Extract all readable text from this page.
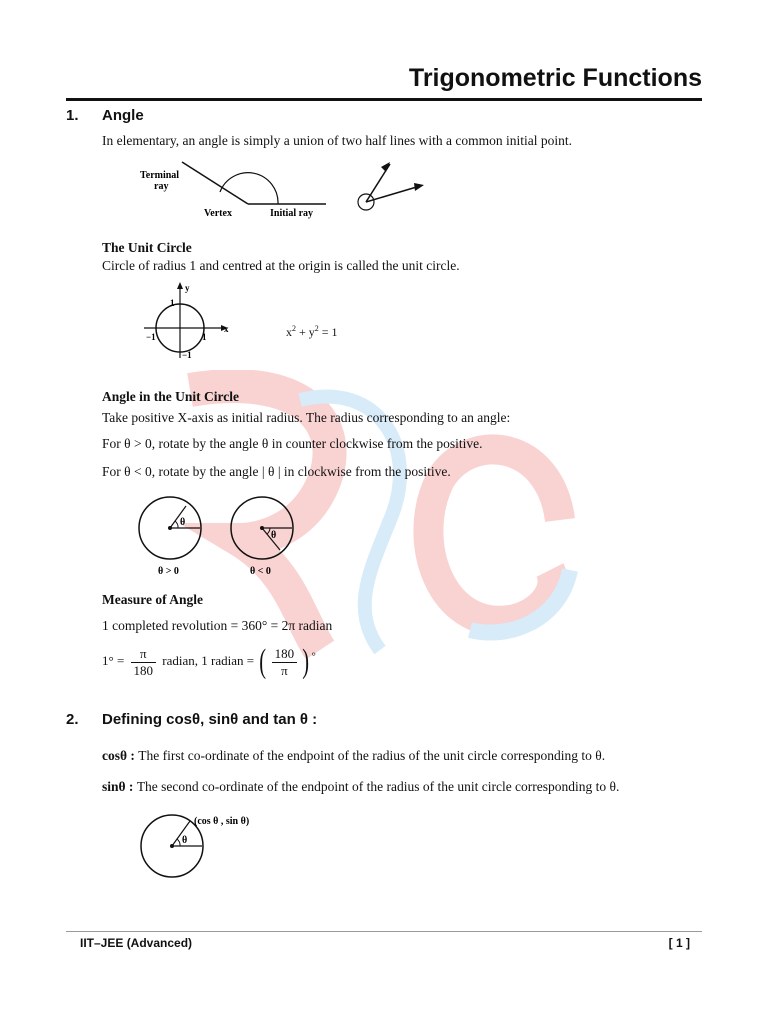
Trigonometric Functions
1. Angle
In elementary, an angle is simply a union of two half lines with a common initial point.
Terminal
ray
Vertex	Initial ray
The Unit Circle
Circle of radius 1 and centred at the origin is called the unit circle.
y
x
1
1
−1
−1
$x^2 + y^2 = 1$
Angle in the Unit Circle
Take positive X-axis as initial radius. The radius corresponding to an angle:
For θ > 0, rotate by the angle θ in counter clockwise from the positive.
For θ < 0, rotate by the angle | θ | in clockwise from the positive.
θ
θ
θ > 0	θ < 0
Measure of Angle
1 completed revolution = 360° = 2π radian
$1^\circ = \frac{\pi}{180}$ radian, 1 radian = ( $\frac{180}{\pi}$ ) °
2. Defining cosθ, sinθ and tan θ :
cosθ : The first co-ordinate of the endpoint of the radius of the unit circle corresponding to θ.
sinθ : The second co-ordinate of the endpoint of the radius of the unit circle corresponding to θ.
θ
(cos θ , sin θ)
IIT–JEE (Advanced)	[ 1 ]
